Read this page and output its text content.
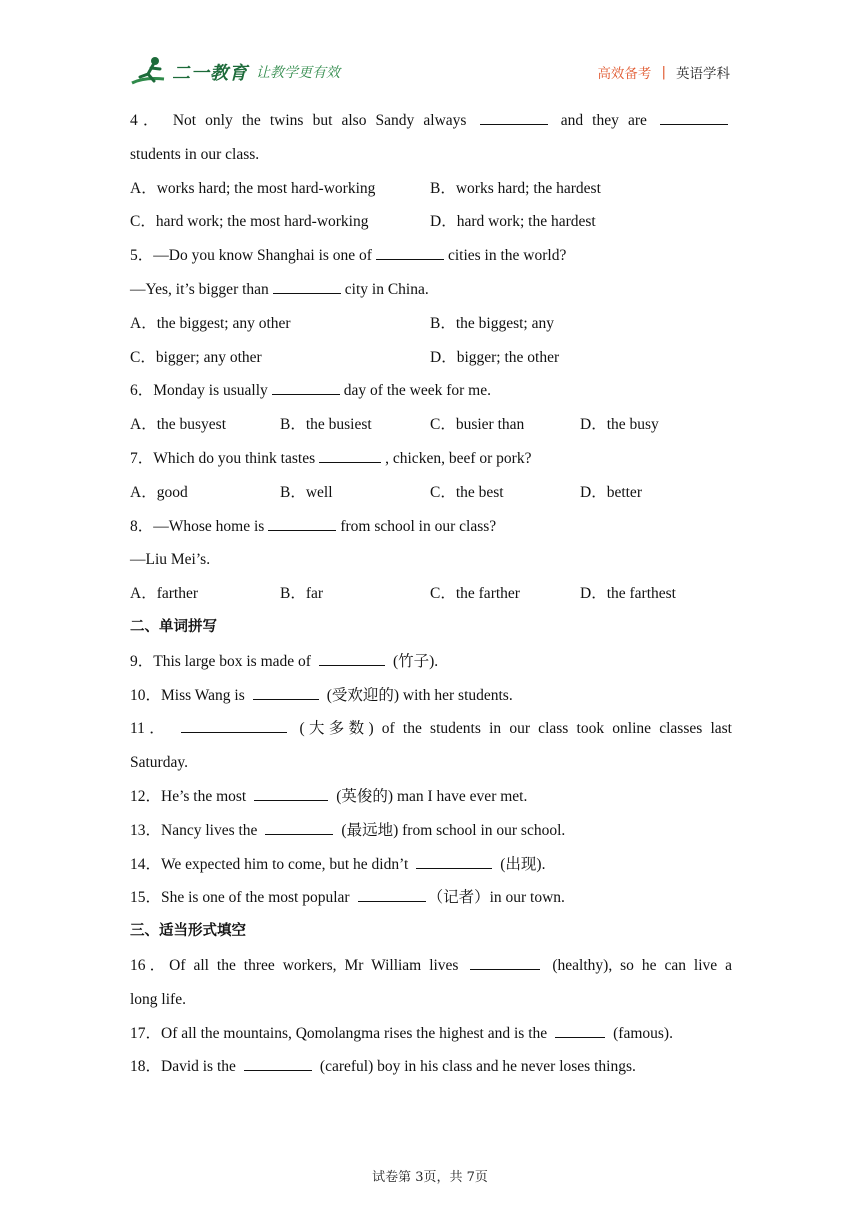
二一教育 让教学更有效	高效备考 | 英语学科
4． Not only the twins but also Sandy always	and they are
students in our class.
A．works hard; the most hard-working	B．works hard; the hardest
C．hard work; the most hard-working	D．hard work; the hardest
5．—Do you know Shanghai is one of	cities in the world?
—Yes, it’s bigger than	city in China.
A．the biggest; any other	B．the biggest; any
C．bigger; any other	D．bigger; the other
6．Monday is usually	day of the week for me.
A．the busyest	B．the busiest	C．busier than	D．the busy
7．Which do you think tastes	, chicken, beef or pork?
A．good	B．well	C．the best	D．better
8．—Whose home is	from school in our class?
—Liu Mei’s.
A．farther	B．far	C．the farther	D．the farthest
二、单词拼写
9．This large box is made of	(竹子).
10．Miss Wang is	(受欢迎的) with her students.
11．	(大多数) of the students in our class took online classes last
Saturday.
12．He’s the most	(英俊的) man I have ever met.
13．Nancy lives the	(最远地) from school in our school.
14．We expected him to come, but he didn’t	(出现).
15．She is one of the most popular	（记者）in our town.
三、适当形式填空
16．Of all the three workers, Mr William lives	(healthy), so he can live a
long life.
17．Of all the mountains, Qomolangma rises the highest and is the	(famous).
18．David is the	(careful) boy in his class and he never loses things.
试卷第 3页，共 7页
